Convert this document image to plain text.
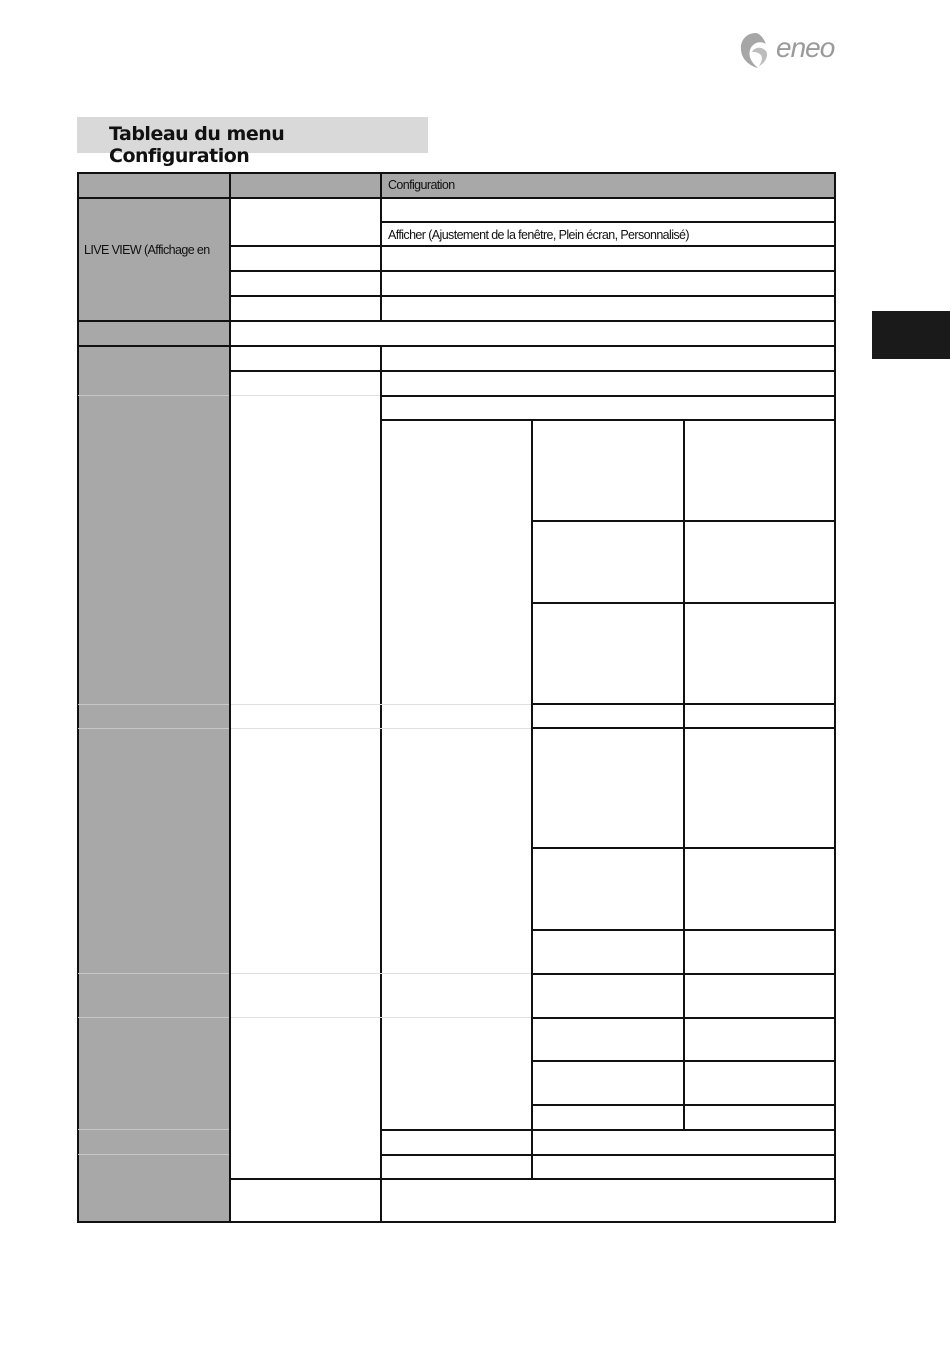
eneo
Tableau du menu Configuration
Configuration
LIVE VIEW (Affichage en
Afficher (Ajustement de la fenêtre, Plein écran, Personnalisé)
